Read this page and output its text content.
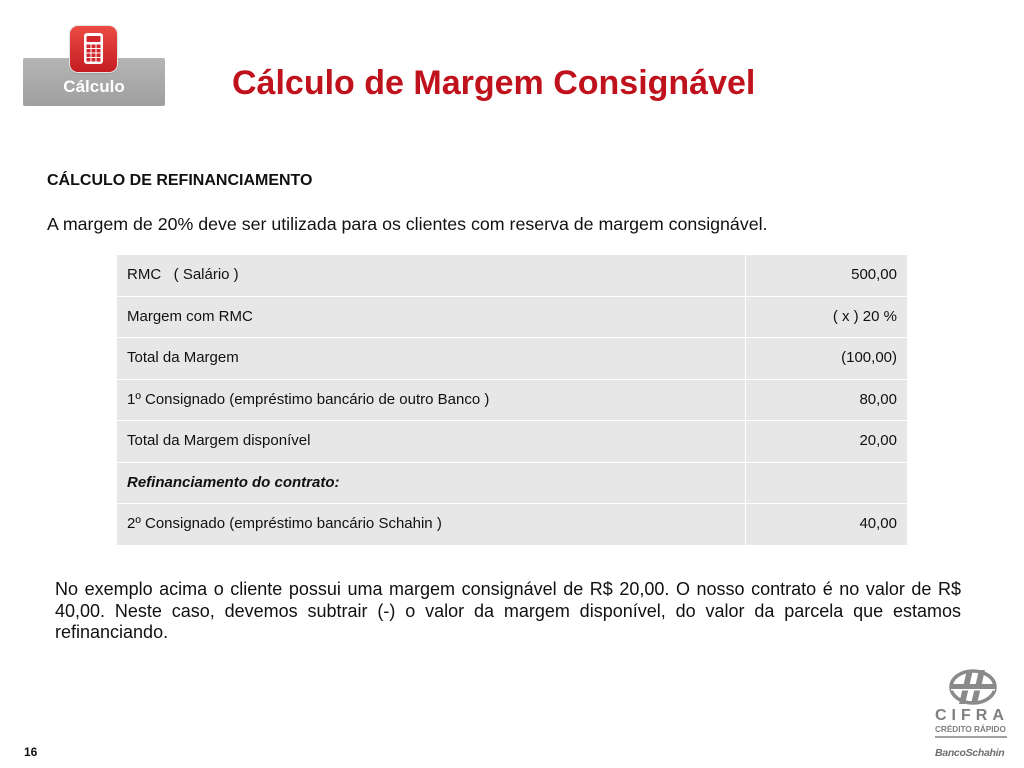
Cálculo	Cálculo de Margem Consignável
CÁLCULO DE REFINANCIAMENTO
A margem de 20% deve ser utilizada para os clientes com reserva de margem consignável.
RMC   ( Salário )	500,00
Margem com RMC	( x ) 20 %
Total da Margem	(100,00)
1º Consignado (empréstimo bancário de outro Banco )	80,00
Total da Margem disponível	20,00
Refinanciamento do contrato:
2º Consignado (empréstimo bancário Schahin )	40,00
No exemplo acima o cliente possui uma margem consignável de R$ 20,00. O nosso contrato é no valor de R$ 40,00. Neste caso, devemos subtrair (-) o valor da margem disponível, do valor da parcela que estamos refinanciando.
16
CIFRA
CRÉDITO RÁPIDO
BancoSchahin
